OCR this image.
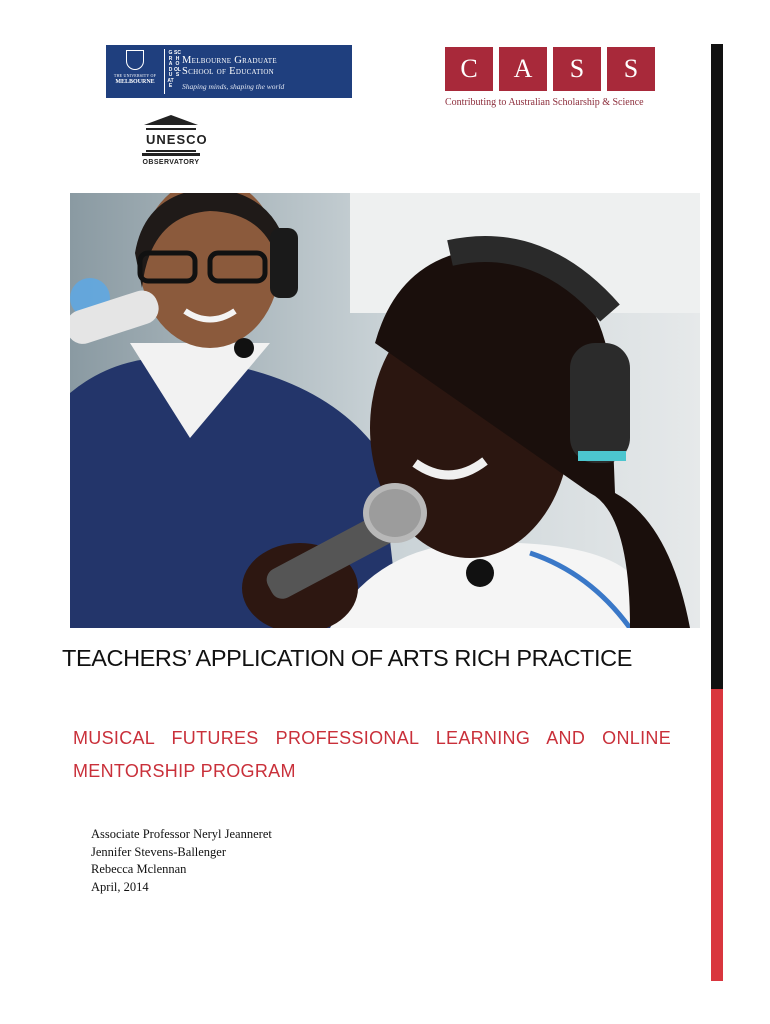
THE UNIVERSITY OF
MELBOURNE
GRADUATE
SCHOOLS
Melbourne Graduate
School of Education
Shaping minds, shaping the world
C	A	S	S
Contributing to Australian Scholarship & Science
UNESCO
OBSERVATORY
TEACHERS’ APPLICATION OF ARTS RICH PRACTICE
MUSICAL FUTURES PROFESSIONAL LEARNING AND ONLINE MENTORSHIP PROGRAM
Associate Professor Neryl Jeanneret
Jennifer Stevens-Ballenger
Rebecca Mclennan
April, 2014
